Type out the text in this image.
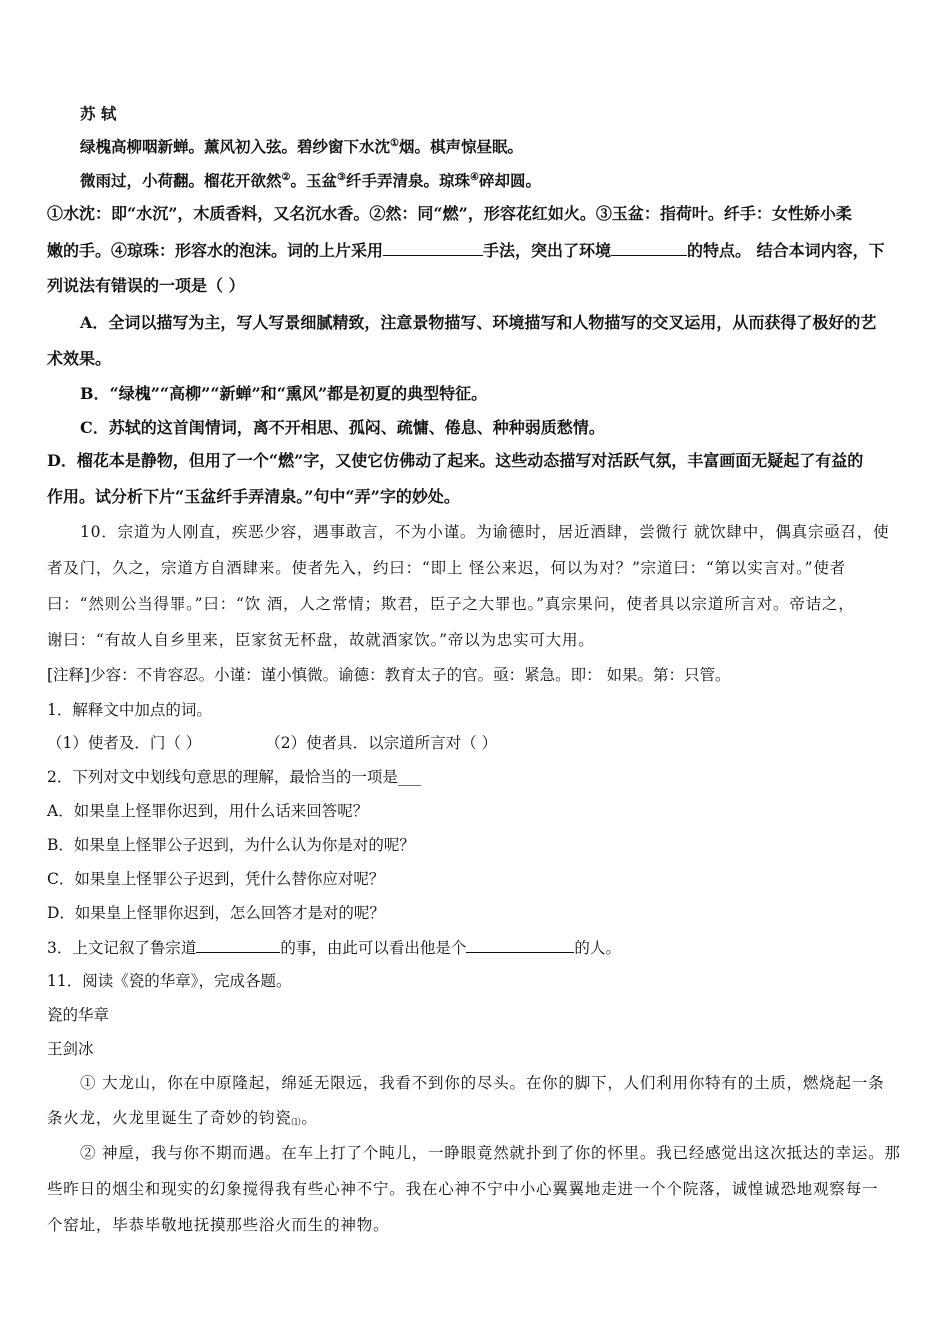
苏 轼
绿槐高柳咽新蝉。薰风初入弦。碧纱窗下水沈①烟。棋声惊昼眠。
微雨过，小荷翻。榴花开欲然②。玉盆③纤手弄清泉。琼珠④碎却圆。
①水沈：即“水沉”，木质香料，又名沉水香。②然：同“燃”，形容花红如火。③玉盆：指荷叶。纤手：女性娇小柔
嫩的手。④琼珠：形容水的泡沫。词的上片采用	手法，突出了环境	的特点。 结合本词内容，下
列说法有错误的一项是（ ）
A．全词以描写为主，写人写景细腻精致，注意景物描写、环境描写和人物描写的交叉运用，从而获得了极好的艺
术效果。
B．“绿槐”“高柳”“新蝉”和“熏风”都是初夏的典型特征。
C．苏轼的这首闺情词，离不开相思、孤闷、疏慵、倦息、种种弱质愁情。
D．榴花本是静物，但用了一个“燃”字，又使它仿佛动了起来。这些动态描写对活跃气氛，丰富画面无疑起了有益的
作用。试分析下片“玉盆纤手弄清泉。”句中“弄”字的妙处。
10．宗道为人刚直，疾恶少容，遇事敢言，不为小谨。为谕德时，居近酒肆，尝微行 就饮肆中，偶真宗亟召，使
者及门，久之，宗道方自酒肆来。使者先入，约曰：“即上 怪公来迟，何以为对？”宗道曰：“第以实言对。”使者
曰：“然则公当得罪。”曰：“饮 酒，人之常情；欺君，臣子之大罪也。”真宗果问，使者具以宗道所言对。帝诘之，
谢曰：“有故人自乡里来，臣家贫无杯盘，故就酒家饮。”帝以为忠实可大用。
[注释]少容：不肯容忍。小谨：谨小慎微。谕德：教育太子的官。亟：紧急。即： 如果。第：只管。
1．解释文中加点的词。
（1）使者及．门（ ）	（2）使者具．以宗道所言对（ ）
2．下列对文中划线句意思的理解，最恰当的一项是___
A．如果皇上怪罪你迟到，用什么话来回答呢？
B．如果皇上怪罪公子迟到，为什么认为你是对的呢？
C．如果皇上怪罪公子迟到，凭什么替你应对呢？
D．如果皇上怪罪你迟到，怎么回答才是对的呢？
3．上文记叙了鲁宗道	的事，由此可以看出他是个	的人。
11．阅读《瓷的华章》，完成各题。
瓷的华章
王剑冰
① 大龙山，你在中原隆起，绵延无限远，我看不到你的尽头。在你的脚下，人们利用你特有的土质，燃烧起一条
条火龙，火龙里诞生了奇妙的钧瓷$_⑴$。
② 神垕，我与你不期而遇。在车上打了个盹儿，一睁眼竟然就扑到了你的怀里。我已经感觉出这次抵达的幸运。那
些昨日的烟尘和现实的幻象搅得我有些心神不宁。我在心神不宁中小心翼翼地走进一个个院落，诚惶诚恐地观察每一
个窑址，毕恭毕敬地抚摸那些浴火而生的神物。
